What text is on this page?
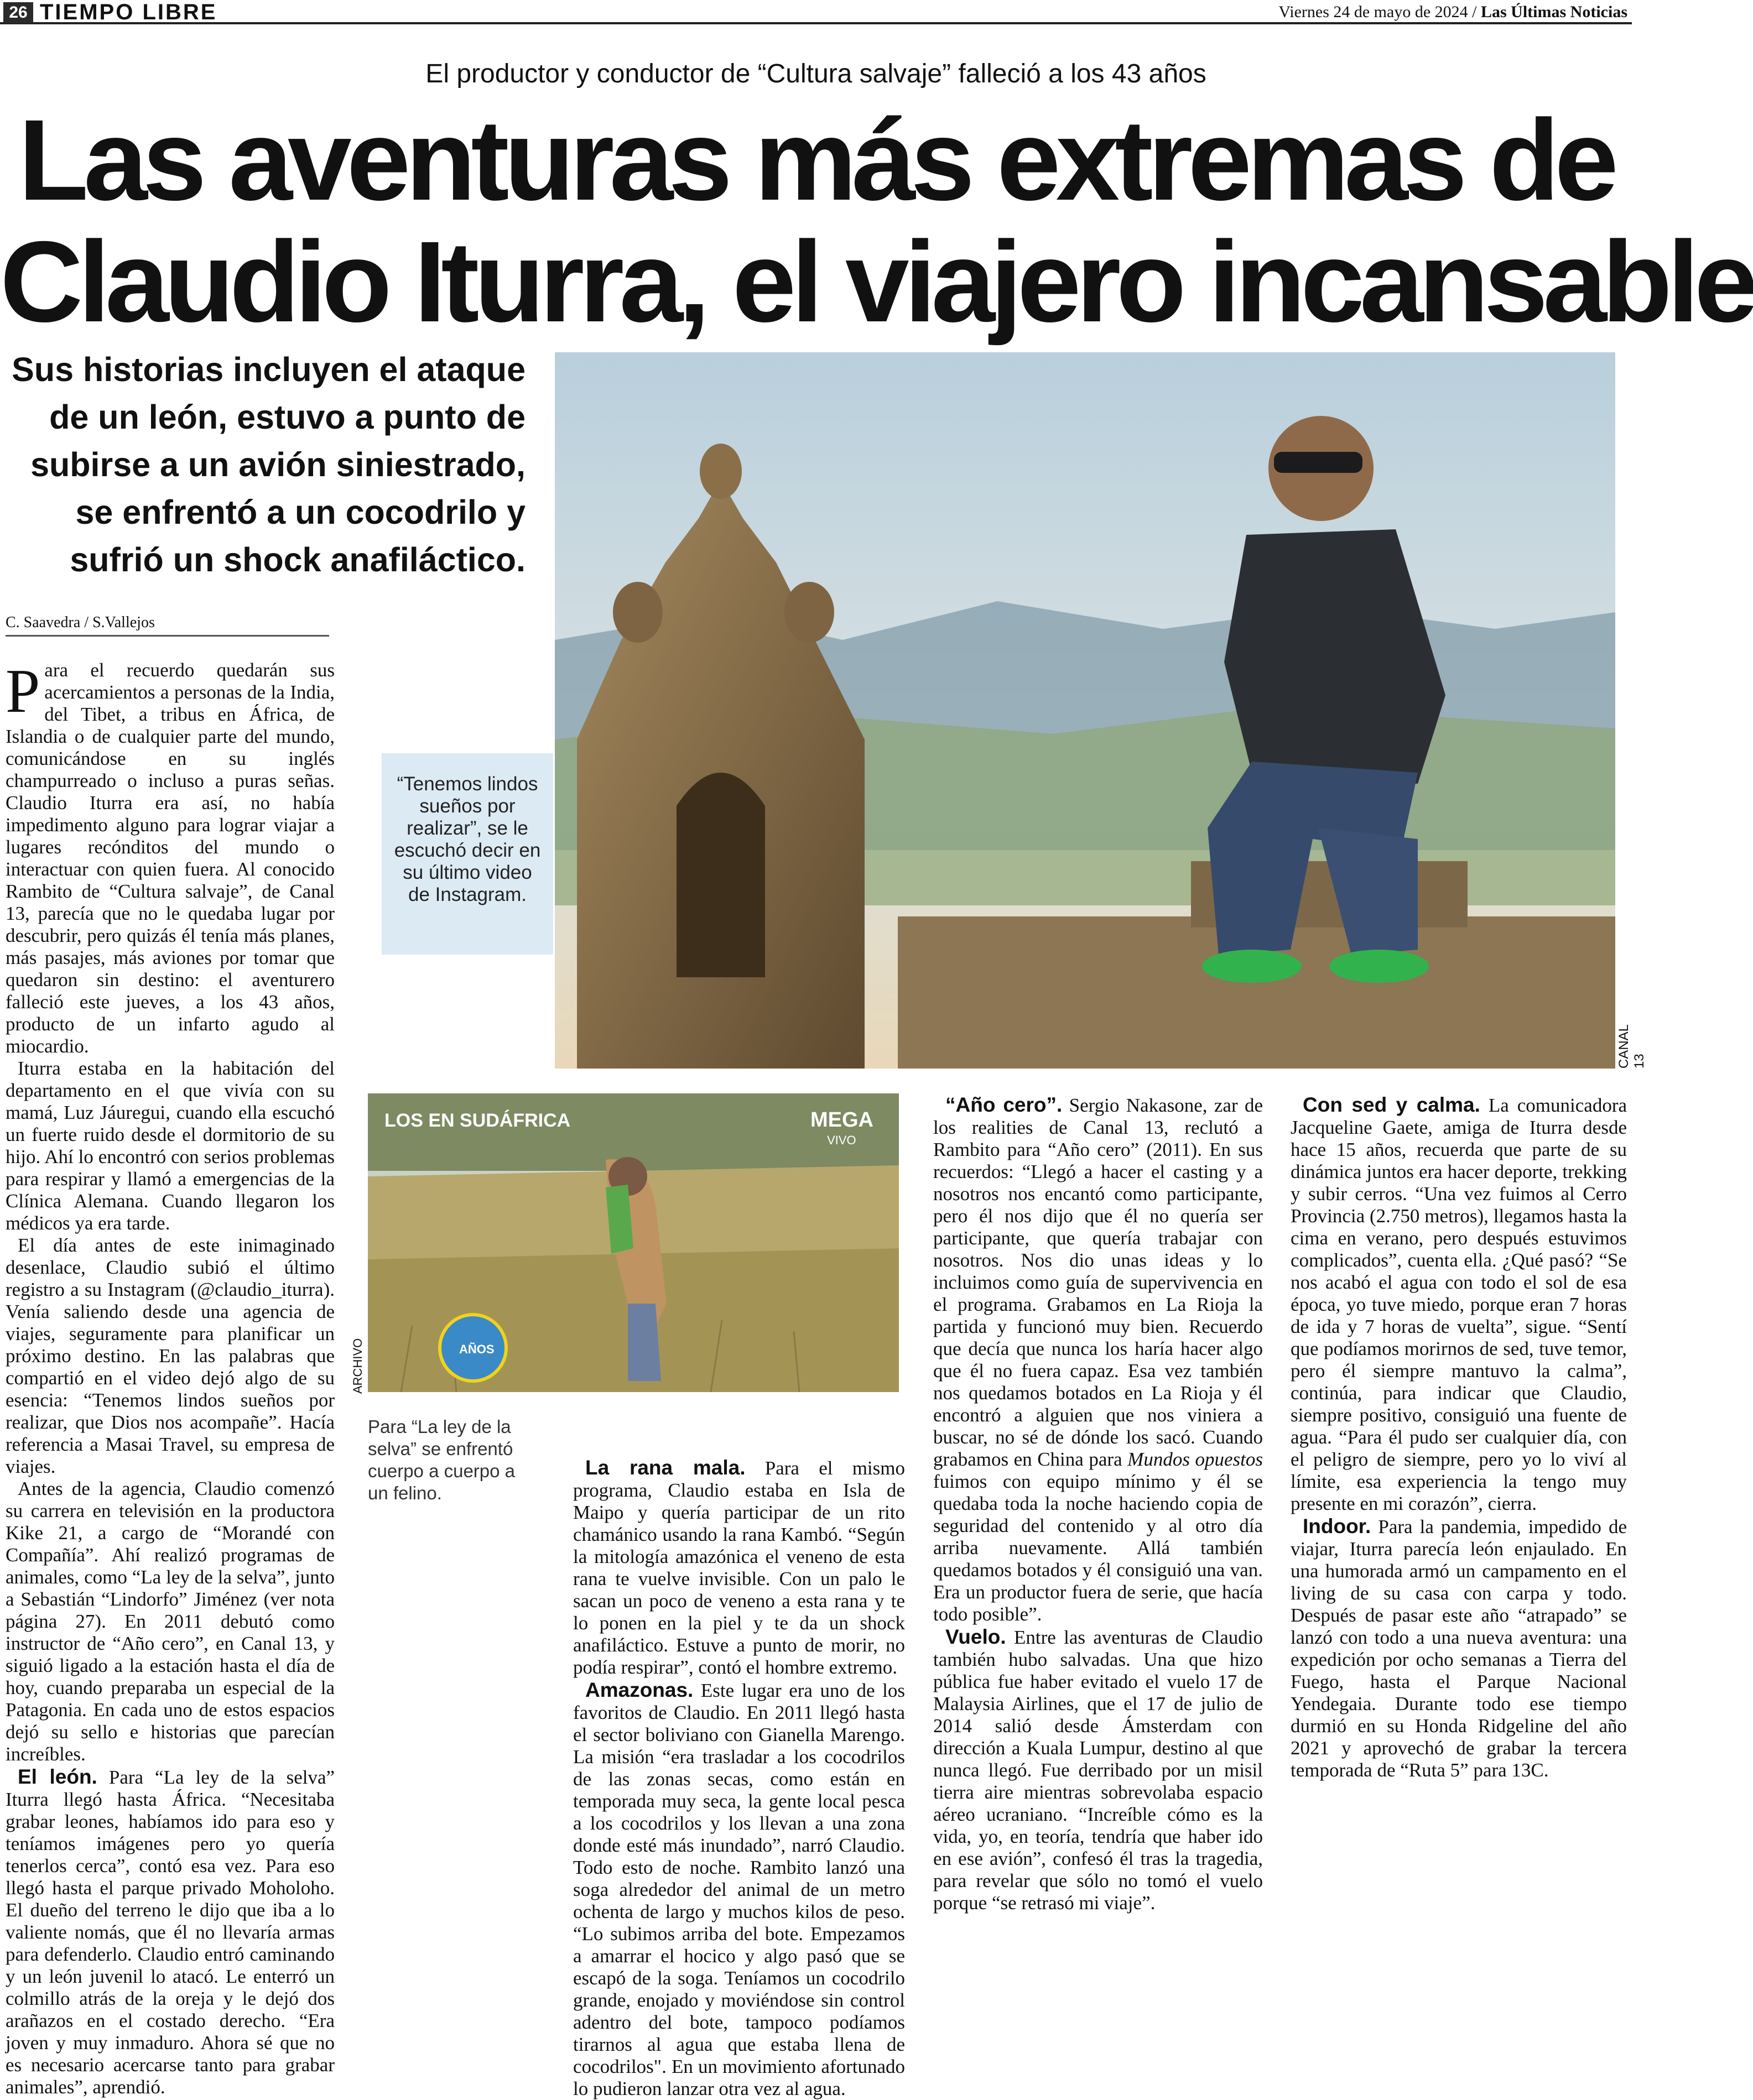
26 TIEMPO LIBRE	Viernes 24 de mayo de 2024 / Las Últimas Noticias
El productor y conductor de “Cultura salvaje” falleció a los 43 años
Las aventuras más extremas de
Claudio Iturra, el viajero incansable
Sus historias incluyen el ataque de un león, estuvo a punto de subirse a un avión siniestrado, se enfrentó a un cocodrilo y sufrió un shock anafiláctico.
C. Saavedra / S.Vallejos
CANAL 13
“Tenemos lindos sueños por realizar”, se le escuchó decir en su último video de Instagram.

Para el recuerdo quedarán sus acercamientos a personas de la India, del Tibet, a tribus en África, de Islandia o de cualquier parte del mundo, comunicándose en su inglés champurreado o incluso a puras señas. Claudio Iturra era así, no había impedimento alguno para lograr viajar a lugares recónditos del mundo o interactuar con quien fuera. Al conocido Rambito de “Cultura salvaje”, de Canal 13, parecía que no le quedaba lugar por descubrir, pero quizás él tenía más planes, más pasajes, más aviones por tomar que quedaron sin destino: el aventurero falleció este jueves, a los 43 años, producto de un infarto agudo al miocardio.

Iturra estaba en la habitación del departamento en el que vivía con su mamá, Luz Jáuregui, cuando ella escuchó un fuerte ruido desde el dormitorio de su hijo. Ahí lo encontró con serios problemas para respirar y llamó a emergencias de la Clínica Alemana. Cuando llegaron los médicos ya era tarde.

El día antes de este inimaginado desenlace, Claudio subió el último registro a su Instagram (@claudio_iturra). Venía saliendo desde una agencia de viajes, seguramente para planificar un próximo destino. En las palabras que compartió en el video dejó algo de su esencia: “Tenemos lindos sueños por realizar, que Dios nos acompañe”. Hacía referencia a Masai Travel, su empresa de viajes.

Antes de la agencia, Claudio comenzó su carrera en televisión en la productora Kike 21, a cargo de “Morandé con Compañía”. Ahí realizó programas de animales, como “La ley de la selva”, junto a Sebastián “Lindorfo” Jiménez (ver nota página 27). En 2011 debutó como instructor de “Año cero”, en Canal 13, y siguió ligado a la estación hasta el día de hoy, cuando preparaba un especial de la Patagonia. En cada uno de estos espacios dejó su sello e historias que parecían increíbles.

El león. Para “La ley de la selva” Iturra llegó hasta África. “Necesitaba grabar leones, habíamos ido para eso y teníamos imágenes pero yo quería tenerlos cerca”, contó esa vez. Para eso llegó hasta el parque privado Moholoho. El dueño del terreno le dijo que iba a lo valiente nomás, que él no llevaría armas para defenderlo. Claudio entró caminando y un león juvenil lo atacó. Le enterró un colmillo atrás de la oreja y le dejó dos arañazos en el costado derecho. “Era joven y muy inmaduro. Ahora sé que no es necesario acercarse tanto para grabar animales”, aprendió.

LOS EN SUDÁFRICA	MEGA
VIVO
AÑOS
ARCHIVO
Para “La ley de la selva” se enfrentó cuerpo a cuerpo a un felino.

La rana mala. Para el mismo programa, Claudio estaba en Isla de Maipo y quería participar de un rito chamánico usando la rana Kambó. “Según la mitología amazónica el veneno de esta rana te vuelve invisible. Con un palo le sacan un poco de veneno a esta rana y te lo ponen en la piel y te da un shock anafiláctico. Estuve a punto de morir, no podía respirar”, contó el hombre extremo.

Amazonas. Este lugar era uno de los favoritos de Claudio. En 2011 llegó hasta el sector boliviano con Gianella Marengo. La misión “era trasladar a los cocodrilos de las zonas secas, como están en temporada muy seca, la gente local pesca a los cocodrilos y los llevan a una zona donde esté más inundado”, narró Claudio. Todo esto de noche. Rambito lanzó una soga alrededor del animal de un metro ochenta de largo y muchos kilos de peso. “Lo subimos arriba del bote. Empezamos a amarrar el hocico y algo pasó que se escapó de la soga. Teníamos un cocodrilo grande, enojado y moviéndose sin control adentro del bote, tampoco podíamos tirarnos al agua que estaba llena de cocodrilos". En un movimiento afortunado lo pudieron lanzar otra vez al agua.

“Año cero”. Sergio Nakasone, zar de los realities de Canal 13, reclutó a Rambito para “Año cero” (2011). En sus recuerdos: “Llegó a hacer el casting y a nosotros nos encantó como participante, pero él nos dijo que él no quería ser participante, que quería trabajar con nosotros. Nos dio unas ideas y lo incluimos como guía de supervivencia en el programa. Grabamos en La Rioja la partida y funcionó muy bien. Recuerdo que decía que nunca los haría hacer algo que él no fuera capaz. Esa vez también nos quedamos botados en La Rioja y él encontró a alguien que nos viniera a buscar, no sé de dónde los sacó. Cuando grabamos en China para Mundos opuestos fuimos con equipo mínimo y él se quedaba toda la noche haciendo copia de seguridad del contenido y al otro día arriba nuevamente. Allá también quedamos botados y él consiguió una van. Era un productor fuera de serie, que hacía todo posible”.

Vuelo. Entre las aventuras de Claudio también hubo salvadas. Una que hizo pública fue haber evitado el vuelo 17 de Malaysia Airlines, que el 17 de julio de 2014 salió desde Ámsterdam con dirección a Kuala Lumpur, destino al que nunca llegó. Fue derribado por un misil tierra aire mientras sobrevolaba espacio aéreo ucraniano. “Increíble cómo es la vida, yo, en teoría, tendría que haber ido en ese avión”, confesó él tras la tragedia, para revelar que sólo no tomó el vuelo porque “se retrasó mi viaje”.

Con sed y calma. La comunicadora Jacqueline Gaete, amiga de Iturra desde hace 15 años, recuerda que parte de su dinámica juntos era hacer deporte, trekking y subir cerros. “Una vez fuimos al Cerro Provincia (2.750 metros), llegamos hasta la cima en verano, pero después estuvimos complicados”, cuenta ella. ¿Qué pasó? “Se nos acabó el agua con todo el sol de esa época, yo tuve miedo, porque eran 7 horas de ida y 7 horas de vuelta”, sigue. “Sentí que podíamos morirnos de sed, tuve temor, pero él siempre mantuvo la calma”, continúa, para indicar que Claudio, siempre positivo, consiguió una fuente de agua. “Para él pudo ser cualquier día, con el peligro de siempre, pero yo lo viví al límite, esa experiencia la tengo muy presente en mi corazón”, cierra.

Indoor. Para la pandemia, impedido de viajar, Iturra parecía león enjaulado. En una humorada armó un campamento en el living de su casa con carpa y todo. Después de pasar este año “atrapado” se lanzó con todo a una nueva aventura: una expedición por ocho semanas a Tierra del Fuego, hasta el Parque Nacional Yendegaia. Durante todo ese tiempo durmió en su Honda Ridgeline del año 2021 y aprovechó de grabar la tercera temporada de “Ruta 5” para 13C.
